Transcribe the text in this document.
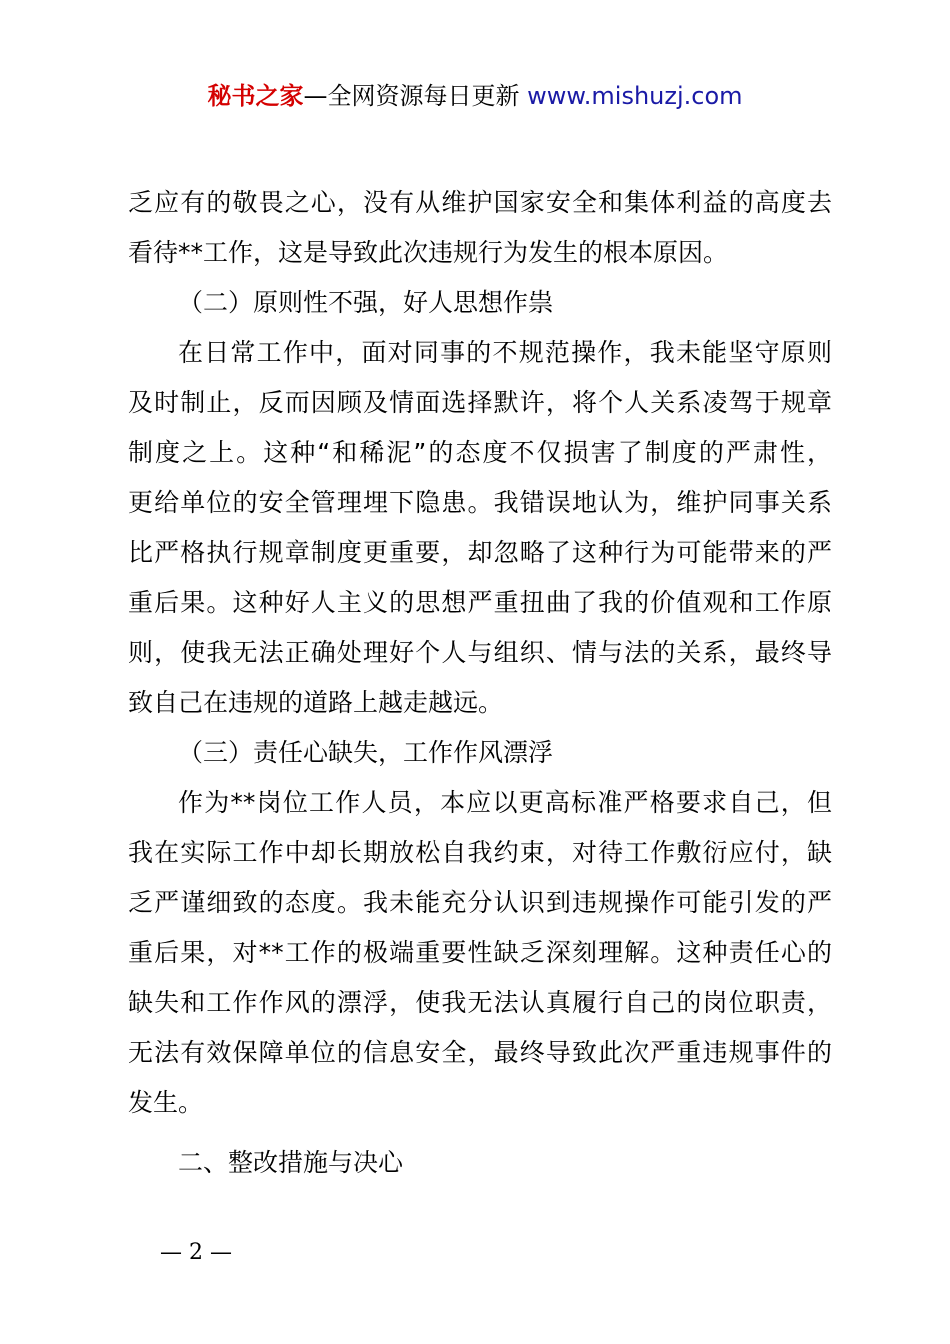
秘书之家—全网资源每日更新 www.mishuzj.com
乏应有的敬畏之心，没有从维护国家安全和集体利益的高度去
看待**工作，这是导致此次违规行为发生的根本原因。
（二）原则性不强，好人思想作祟
在日常工作中，面对同事的不规范操作，我未能坚守原则
及时制止，反而因顾及情面选择默许，将个人关系凌驾于规章
制度之上。这种“和稀泥”的态度不仅损害了制度的严肃性，
更给单位的安全管理埋下隐患。我错误地认为，维护同事关系
比严格执行规章制度更重要，却忽略了这种行为可能带来的严
重后果。这种好人主义的思想严重扭曲了我的价值观和工作原
则，使我无法正确处理好个人与组织、情与法的关系，最终导
致自己在违规的道路上越走越远。
（三）责任心缺失，工作作风漂浮
作为**岗位工作人员，本应以更高标准严格要求自己，但
我在实际工作中却长期放松自我约束，对待工作敷衍应付，缺
乏严谨细致的态度。我未能充分认识到违规操作可能引发的严
重后果，对**工作的极端重要性缺乏深刻理解。这种责任心的
缺失和工作作风的漂浮，使我无法认真履行自己的岗位职责，
无法有效保障单位的信息安全，最终导致此次严重违规事件的
发生。
二、整改措施与决心
— 2 —
